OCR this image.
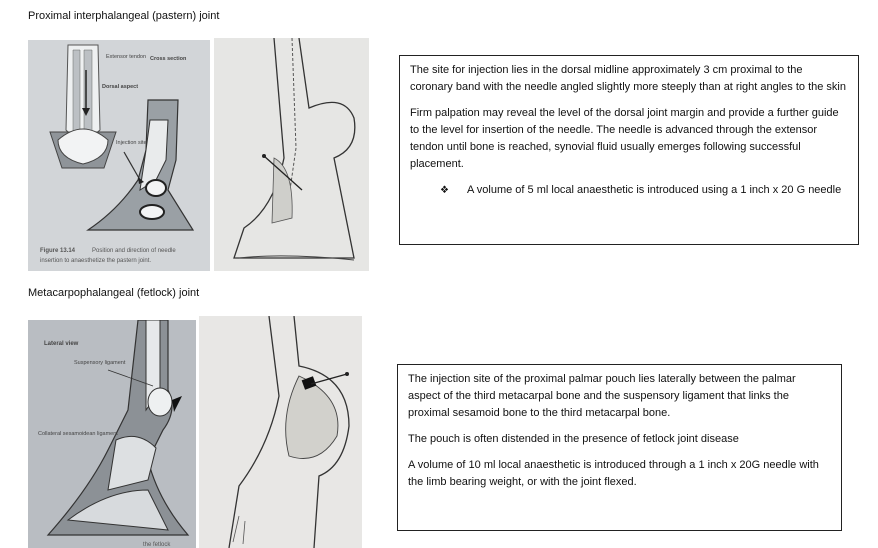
Proximal interphalangeal (pastern) joint
Extensor tendon Cross section
Dorsal aspect
Injection site
Figure 13.14	Position and direction of needle
insertion to anaesthetize the pastern joint.

The site for injection lies in the dorsal midline approximately 3 cm proximal to the coronary band with the needle angled slightly more steeply than at right angles to the skin

Firm palpation may reveal the level of the dorsal joint margin and provide a further guide to the level for insertion of the needle. The needle is advanced through the extensor tendon until bone is reached, synovial fluid usually emerges following successful placement.

❖	A volume of 5 ml local anaesthetic is introduced using a 1 inch x 20 G needle
Metacarpophalangeal (fetlock) joint
Lateral view
Suspensory ligament
Collateral sesamoidean ligament
the fetlock

The injection site of the proximal palmar pouch lies laterally between the palmar aspect of the third metacarpal bone and the suspensory ligament that links the proximal sesamoid bone to the third metacarpal bone.

The pouch is often distended in the presence of fetlock joint disease

A volume of 10 ml local anaesthetic is introduced through a 1 inch x 20G needle with the limb bearing weight, or with the joint flexed.
